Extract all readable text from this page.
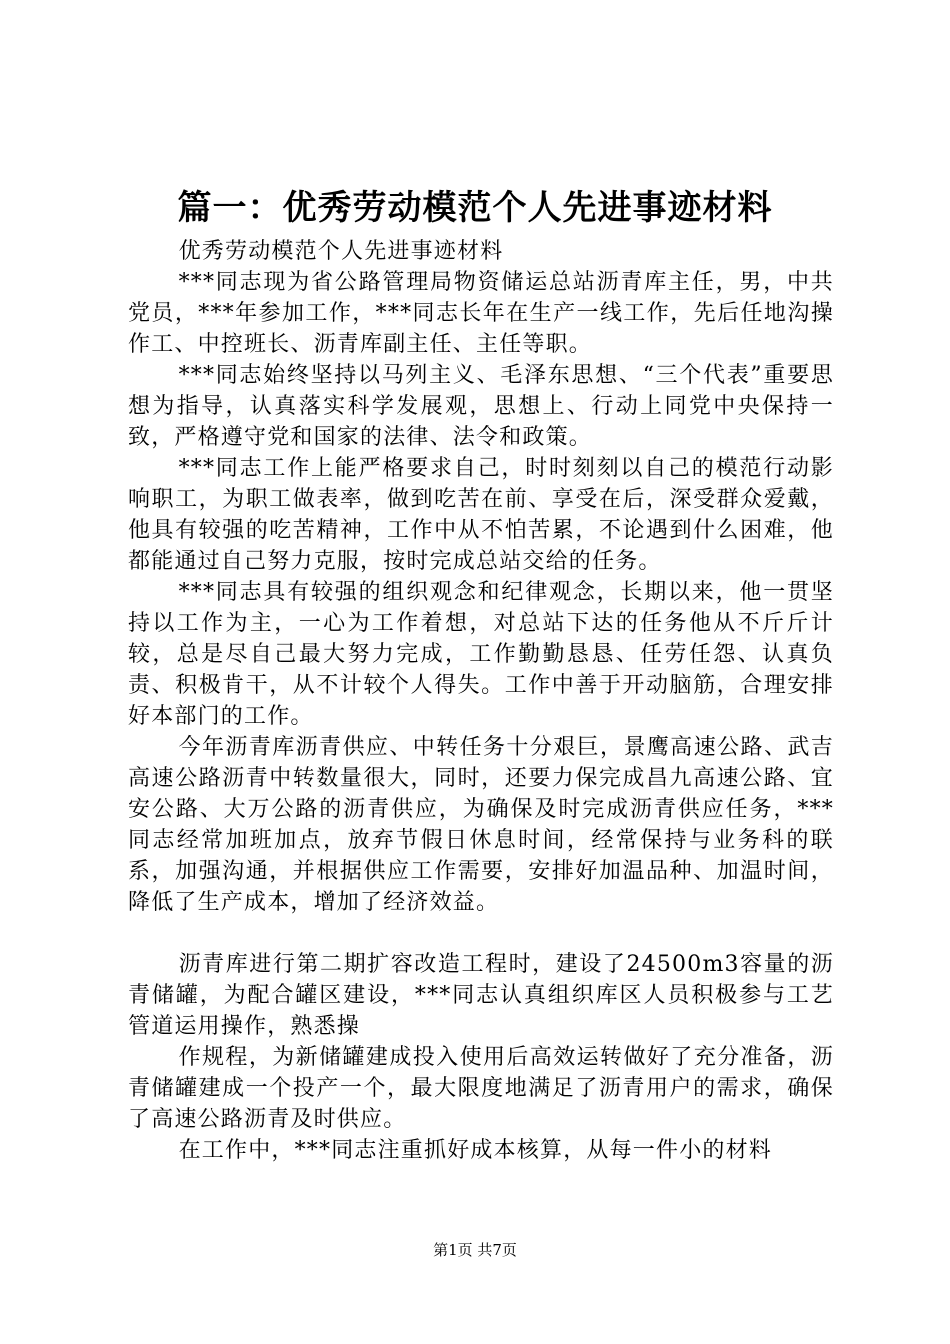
篇一：优秀劳动模范个人先进事迹材料

优秀劳动模范个人先进事迹材料

***同志现为省公路管理局物资储运总站沥青库主任，男，中共党员，***年参加工作，***同志长年在生产一线工作，先后任地沟操作工、中控班长、沥青库副主任、主任等职。

***同志始终坚持以马列主义、毛泽东思想、“三个代表”重要思想为指导，认真落实科学发展观，思想上、行动上同党中央保持一致，严格遵守党和国家的法律、法令和政策。

***同志工作上能严格要求自己，时时刻刻以自己的模范行动影响职工，为职工做表率，做到吃苦在前、享受在后，深受群众爱戴，他具有较强的吃苦精神，工作中从不怕苦累，不论遇到什么困难，他都能通过自己努力克服，按时完成总站交给的任务。

***同志具有较强的组织观念和纪律观念，长期以来，他一贯坚持以工作为主，一心为工作着想，对总站下达的任务他从不斤斤计较，总是尽自己最大努力完成，工作勤勤恳恳、任劳任怨、认真负责、积极肯干，从不计较个人得失。工作中善于开动脑筋，合理安排好本部门的工作。

今年沥青库沥青供应、中转任务十分艰巨，景鹰高速公路、武吉高速公路沥青中转数量很大，同时，还要力保完成昌九高速公路、宜安公路、大万公路的沥青供应，为确保及时完成沥青供应任务，***同志经常加班加点，放弃节假日休息时间，经常保持与业务科的联系，加强沟通，并根据供应工作需要，安排好加温品种、加温时间，降低了生产成本，增加了经济效益。

沥青库进行第二期扩容改造工程时，建设了24500m3容量的沥青储罐，为配合罐区建设，***同志认真组织库区人员积极参与工艺管道运用操作，熟悉操

作规程，为新储罐建成投入使用后高效运转做好了充分准备，沥青储罐建成一个投产一个，最大限度地满足了沥青用户的需求，确保了高速公路沥青及时供应。

在工作中，***同志注重抓好成本核算，从每一件小的材料

第1页 共7页
